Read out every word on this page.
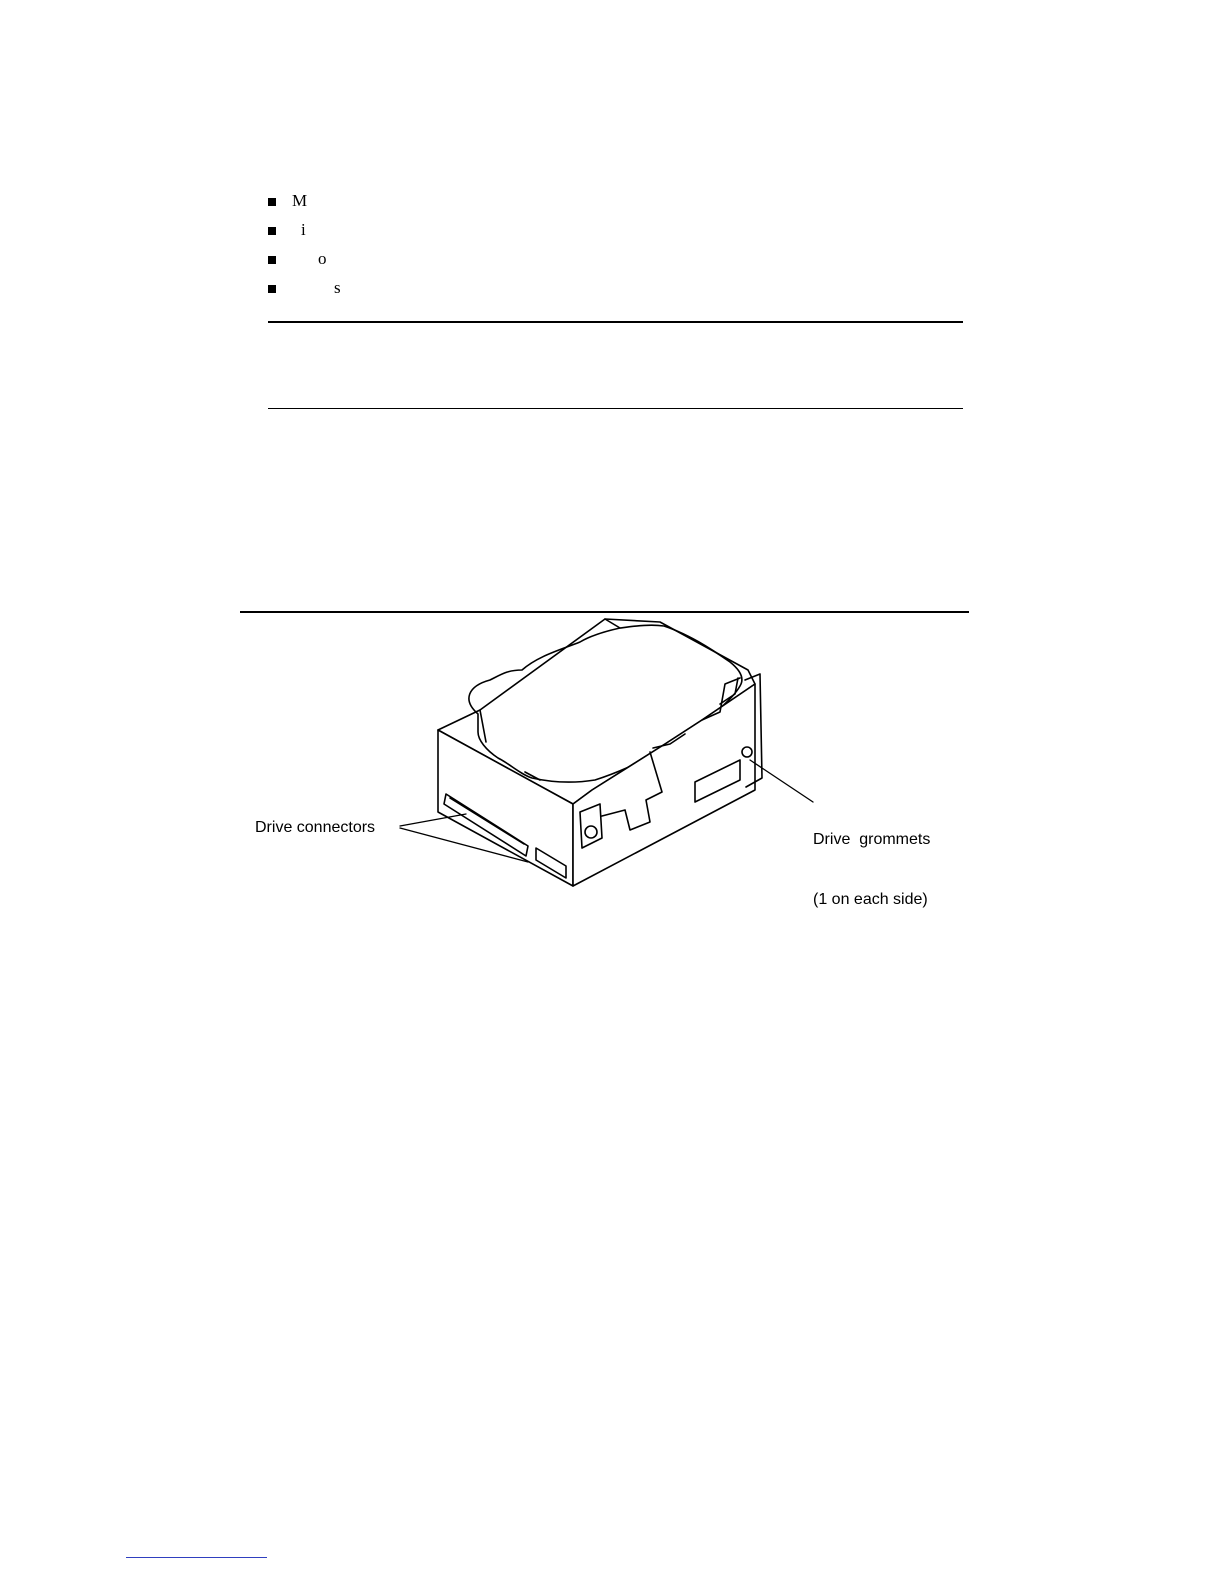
M
i
o
s
Drive connectors

Drive  grommets

(1 on each side)
